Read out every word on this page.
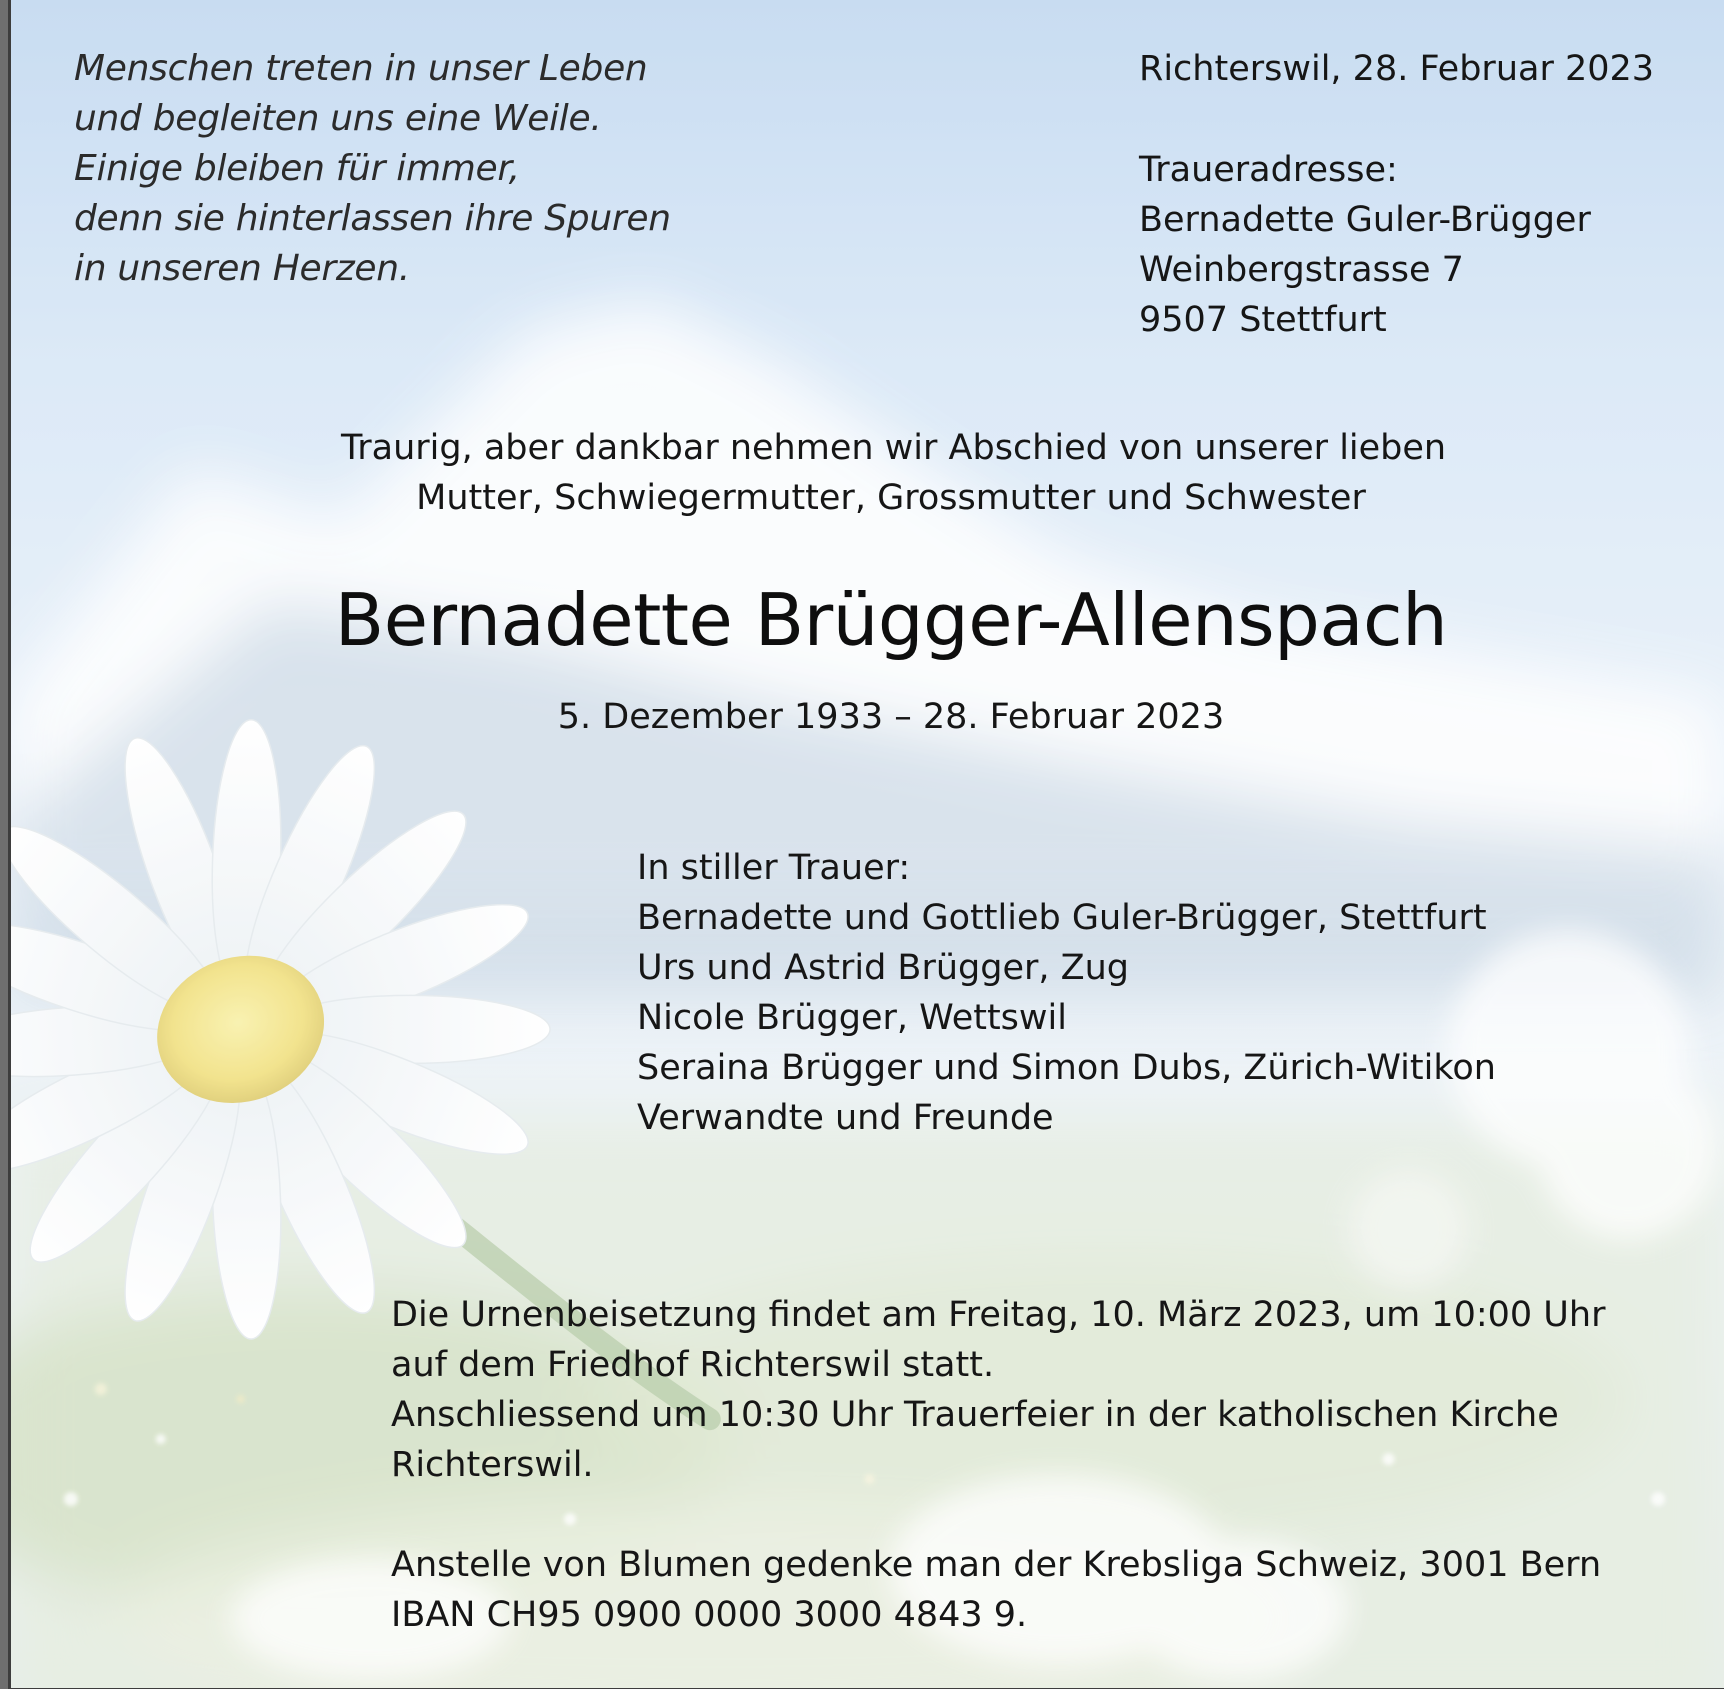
Menschen treten in unser Leben
und begleiten uns eine Weile.
Einige bleiben für immer,
denn sie hinterlassen ihre Spuren
in unseren Herzen.
Richterswil, 28. Februar 2023
Traueradresse:
Bernadette Guler-Brügger
Weinbergstrasse 7
9507 Stettfurt
Traurig, aber dankbar nehmen wir Abschied von unserer lieben
Mutter, Schwiegermutter, Grossmutter und Schwester
Bernadette Brügger-Allenspach
5. Dezember 1933 – 28. Februar 2023
In stiller Trauer:
Bernadette und Gottlieb Guler-Brügger, Stettfurt
Urs und Astrid Brügger, Zug
Nicole Brügger, Wettswil
Seraina Brügger und Simon Dubs, Zürich-Witikon
Verwandte und Freunde
Die Urnenbeisetzung findet am Freitag, 10. März 2023, um 10:00 Uhr
auf dem Friedhof Richterswil statt.
Anschliessend um 10:30 Uhr Trauerfeier in der katholischen Kirche
Richterswil.
Anstelle von Blumen gedenke man der Krebsliga Schweiz, 3001 Bern
IBAN CH95 0900 0000 3000 4843 9.
